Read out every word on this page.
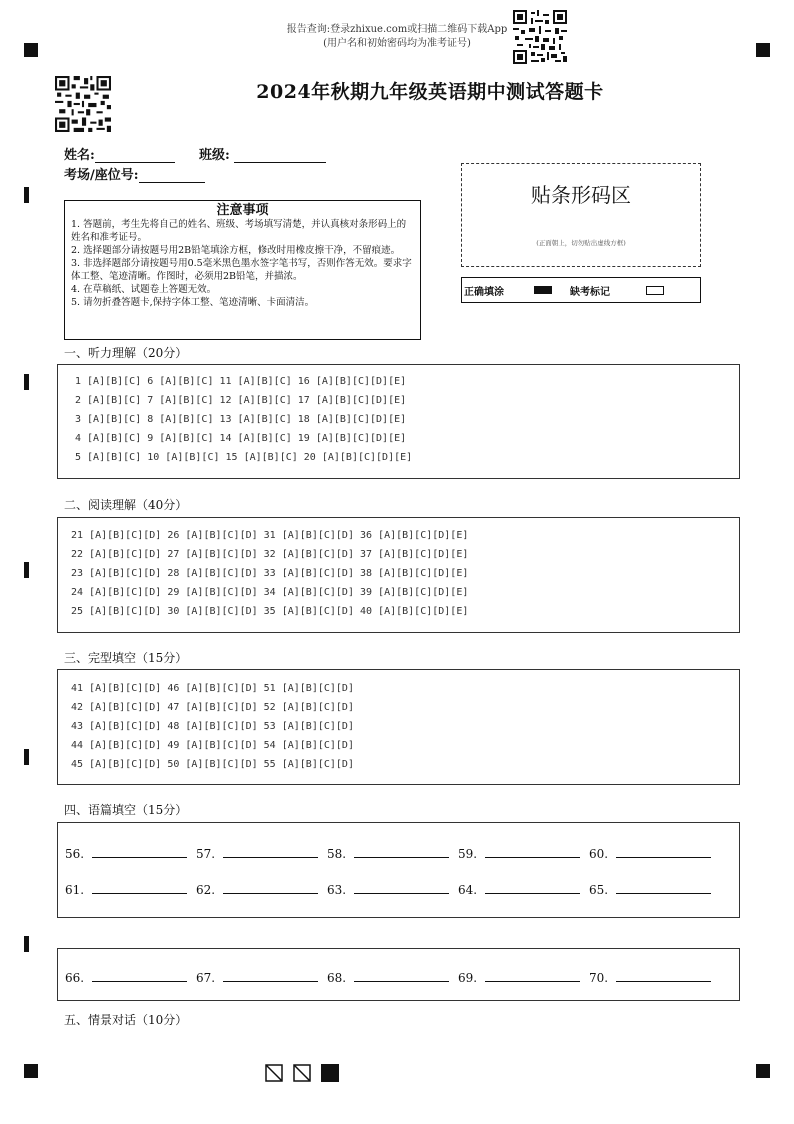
报告查询:登录zhixue.com或扫描二维码下载App
(用户名和初始密码均为准考证号)
2024年秋期九年级英语期中测试答题卡
姓名:	班级:
考场/座位号:
注意事项
1. 答题前，考生先将自己的姓名、班级、考场填写清楚，并认真核对条形码上的姓名和准考证号。
2. 选择题部分请按题号用2B铅笔填涂方框，修改时用橡皮擦干净，不留痕迹。
3. 非选择题部分请按题号用0.5毫米黑色墨水签字笔书写，否则作答无效。要求字体工整、笔迹清晰。作图时，必须用2B铅笔，并描浓。
4. 在草稿纸、试题卷上答题无效。
5. 请勿折叠答题卡,保持字体工整、笔迹清晰、卡面清洁。
贴条形码区
(正面朝上，切勿贴出虚线方框)
正确填涂	缺考标记
一、听力理解（20分）
1 [A][B][C] 6 [A][B][C] 11 [A][B][C] 16 [A][B][C][D][E]
2 [A][B][C] 7 [A][B][C] 12 [A][B][C] 17 [A][B][C][D][E]
3 [A][B][C] 8 [A][B][C] 13 [A][B][C] 18 [A][B][C][D][E]
4 [A][B][C] 9 [A][B][C] 14 [A][B][C] 19 [A][B][C][D][E]
5 [A][B][C] 10 [A][B][C] 15 [A][B][C] 20 [A][B][C][D][E]
二、阅读理解（40分）
21 [A][B][C][D] 26 [A][B][C][D] 31 [A][B][C][D] 36 [A][B][C][D][E]
22 [A][B][C][D] 27 [A][B][C][D] 32 [A][B][C][D] 37 [A][B][C][D][E]
23 [A][B][C][D] 28 [A][B][C][D] 33 [A][B][C][D] 38 [A][B][C][D][E]
24 [A][B][C][D] 29 [A][B][C][D] 34 [A][B][C][D] 39 [A][B][C][D][E]
25 [A][B][C][D] 30 [A][B][C][D] 35 [A][B][C][D] 40 [A][B][C][D][E]
三、完型填空（15分）
41 [A][B][C][D] 46 [A][B][C][D] 51 [A][B][C][D]
42 [A][B][C][D] 47 [A][B][C][D] 52 [A][B][C][D]
43 [A][B][C][D] 48 [A][B][C][D] 53 [A][B][C][D]
44 [A][B][C][D] 49 [A][B][C][D] 54 [A][B][C][D]
45 [A][B][C][D] 50 [A][B][C][D] 55 [A][B][C][D]
四、语篇填空（15分）
56.	57.	58.	59.	60.
61.	62.	63.	64.	65.
66.	67.	68.	69.	70.
五、情景对话（10分）
